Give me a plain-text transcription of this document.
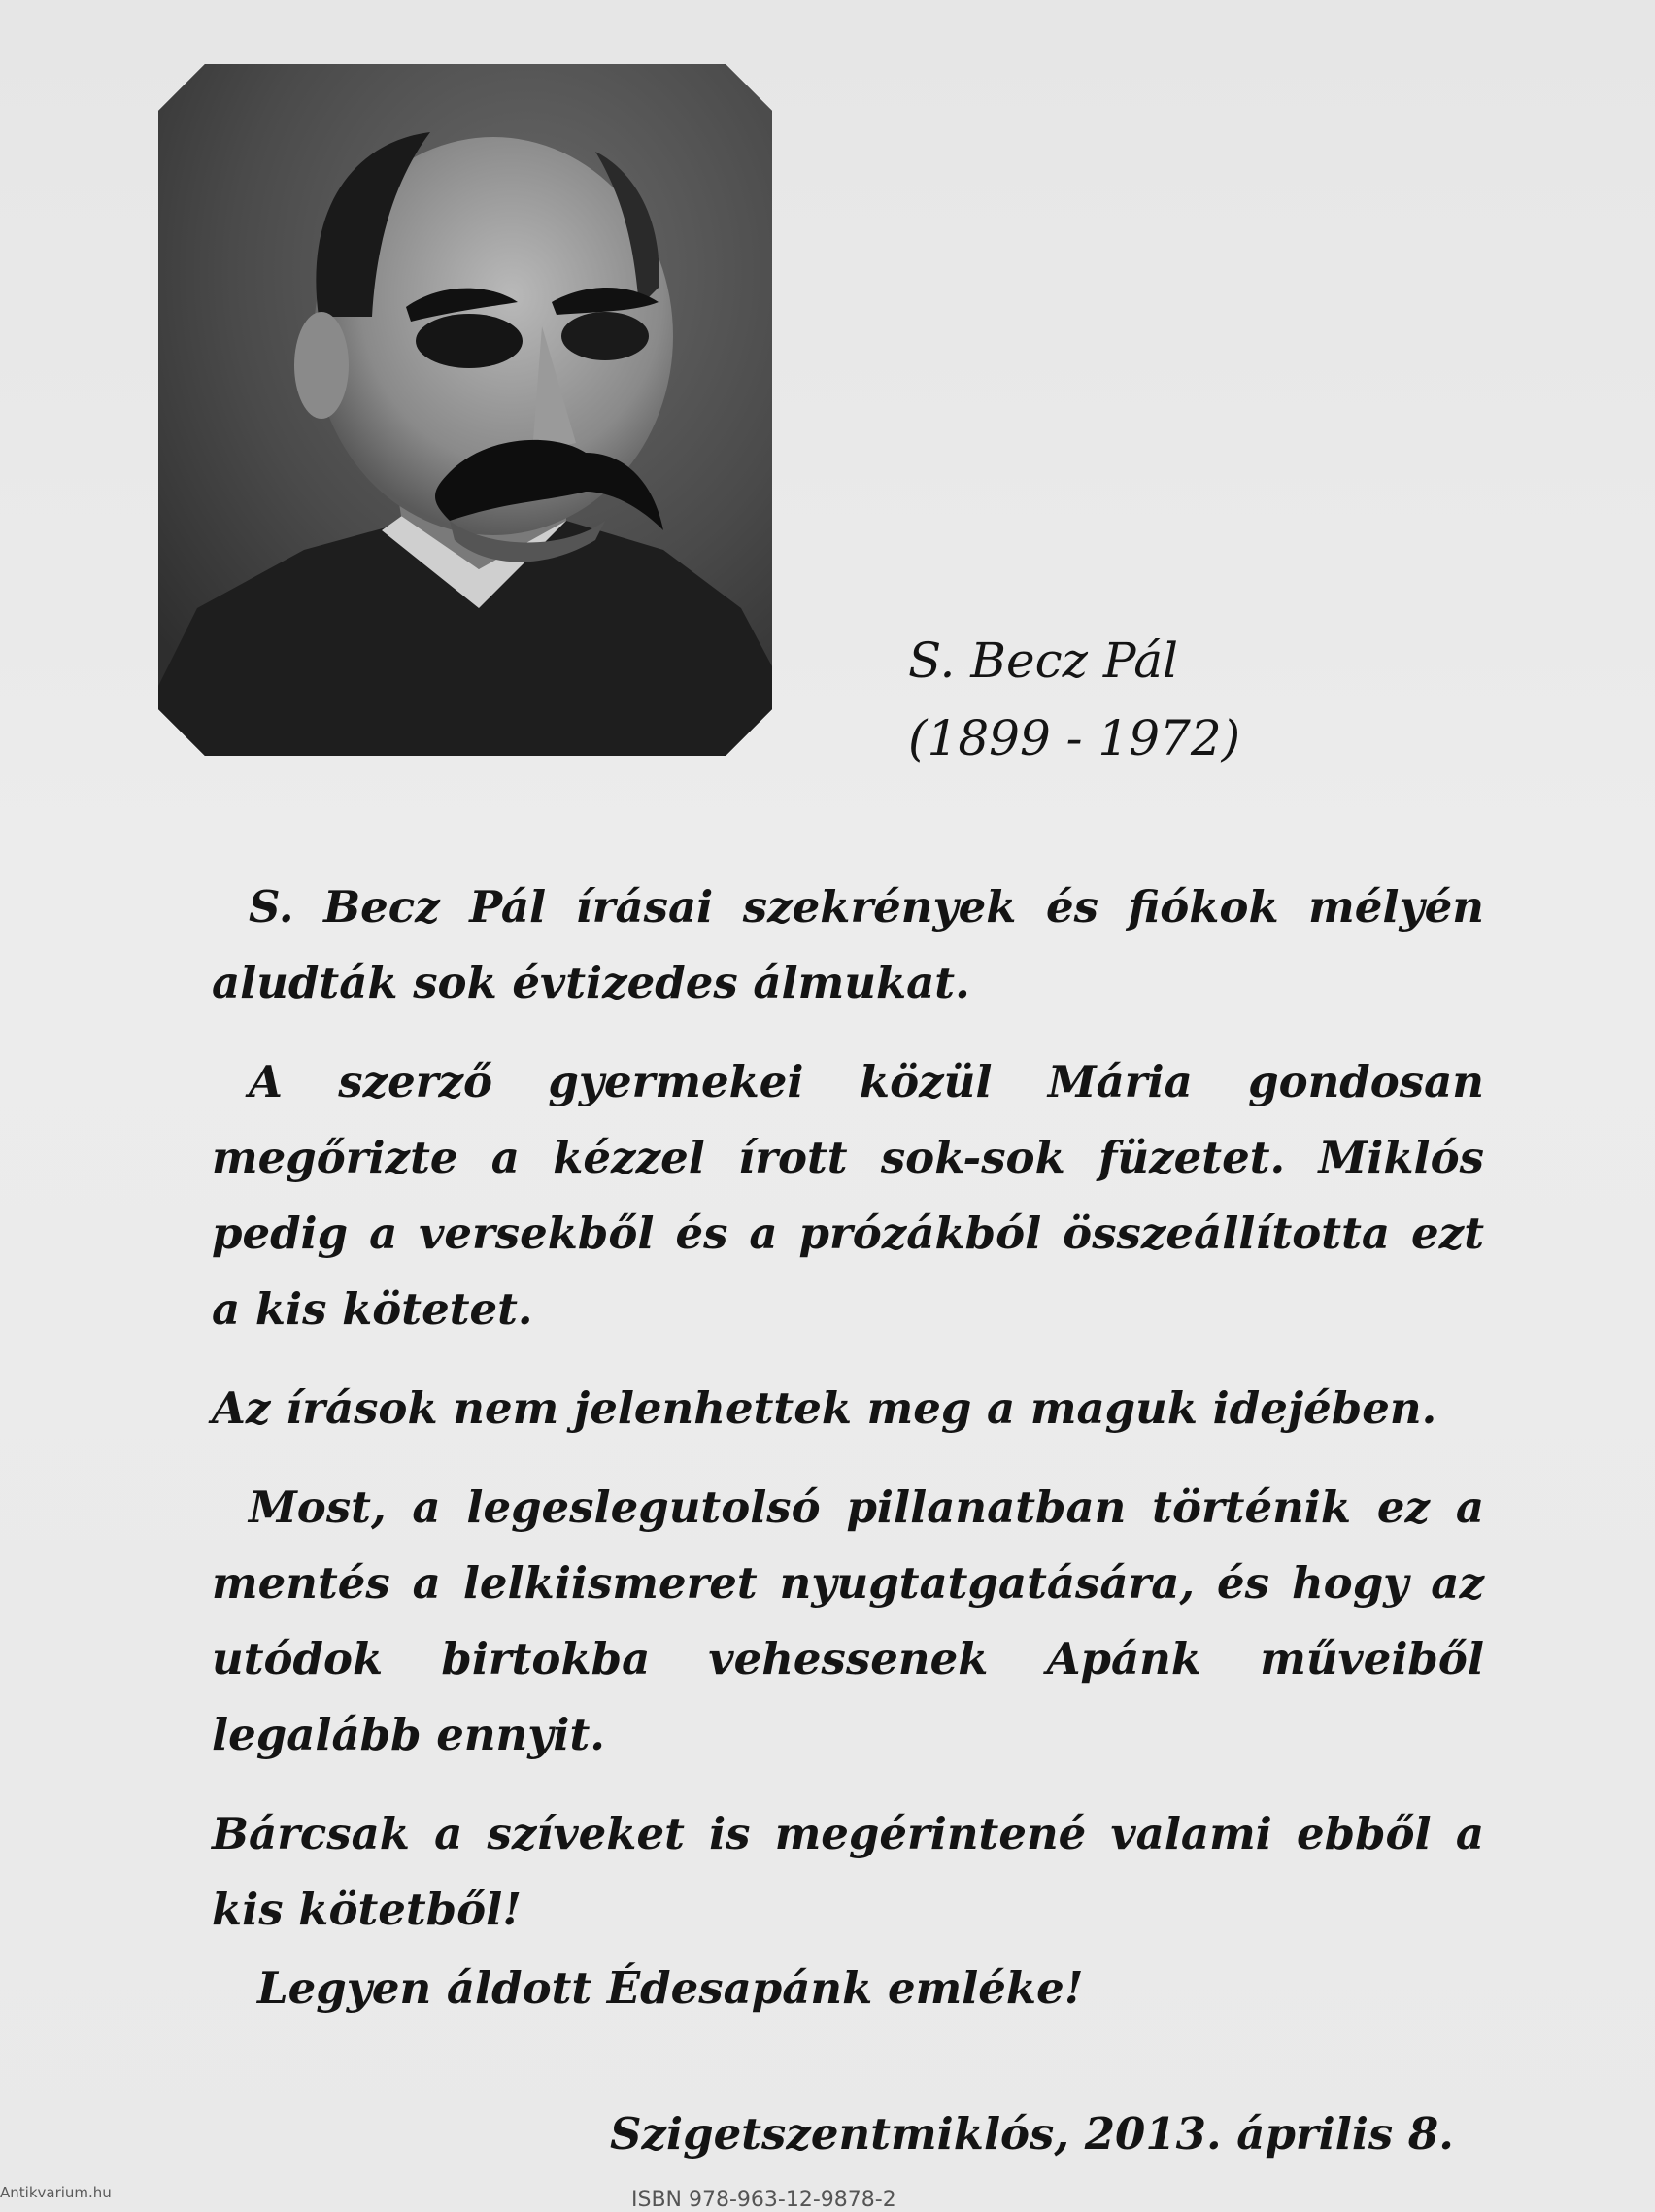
S. Becz Pál
(1899 - 1972)

S. Becz Pál írásai szekrények és fiókok mélyén aludták sok évtizedes álmukat.

A szerző gyermekei közül Mária gondosan megőrizte a kézzel írott sok-sok füzetet. Miklós pedig a versekből és a prózákból összeállította ezt a kis kötetet.

Az írások nem jelenhettek meg a maguk idejében.

Most, a legeslegutolsó pillanatban történik ez a mentés a lelkiismeret nyugtatgatására, és hogy az utódok birtokba vehessenek Apánk műveiből legalább ennyit.

Bárcsak a szíveket is megérintené valami ebből a kis kötetből!

Legyen áldott Édesapánk emléke!
Szigetszentmiklós, 2013. április 8.
ISBN 978-963-12-9878-2
Antikvarium.hu
